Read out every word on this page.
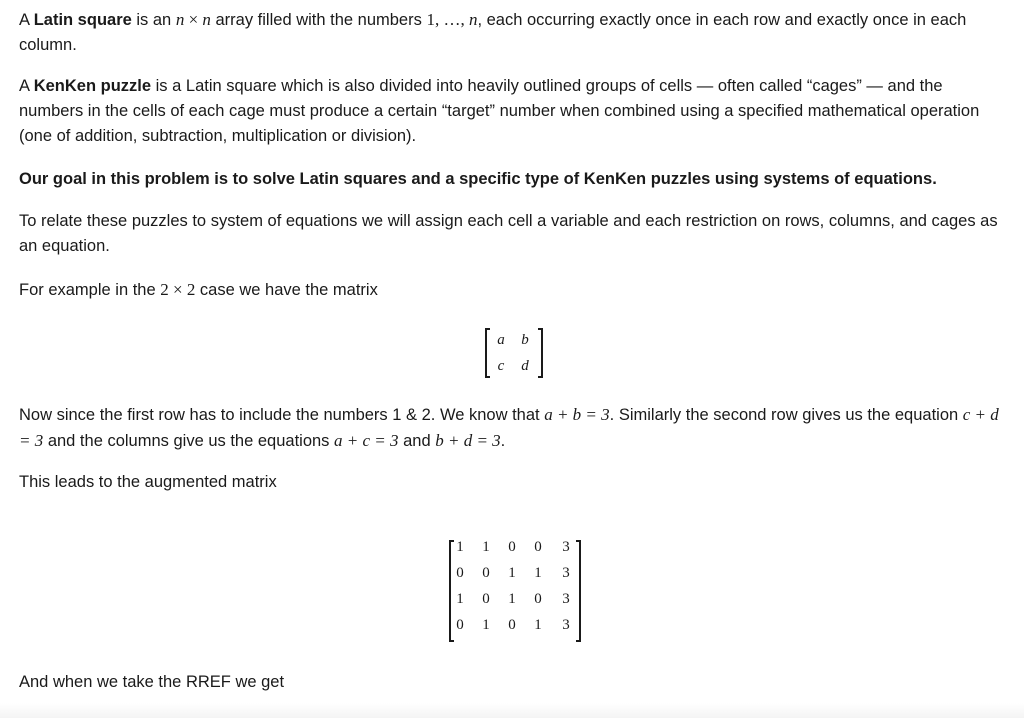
A Latin square is an n × n array filled with the numbers 1, …, n, each occurring exactly once in each row and exactly once in each column.

A KenKen puzzle is a Latin square which is also divided into heavily outlined groups of cells — often called “cages” — and the numbers in the cells of each cage must produce a certain “target” number when combined using a specified mathematical operation (one of addition, subtraction, multiplication or division).

Our goal in this problem is to solve Latin squares and a specific type of KenKen puzzles using systems of equations.

To relate these puzzles to system of equations we will assign each cell a variable and each restriction on rows, columns, and cages as an equation.

For example in the 2 × 2 case we have the matrix

a b
c d

Now since the first row has to include the numbers 1 & 2. We know that a + b = 3. Similarly the second row gives us the equation c + d = 3 and the columns give us the equations a + c = 3 and b + d = 3.

This leads to the augmented matrix

1 1 0 0 3
0 0 1 1 3
1 0 1 0 3
0 1 0 1 3

And when we take the RREF we get
